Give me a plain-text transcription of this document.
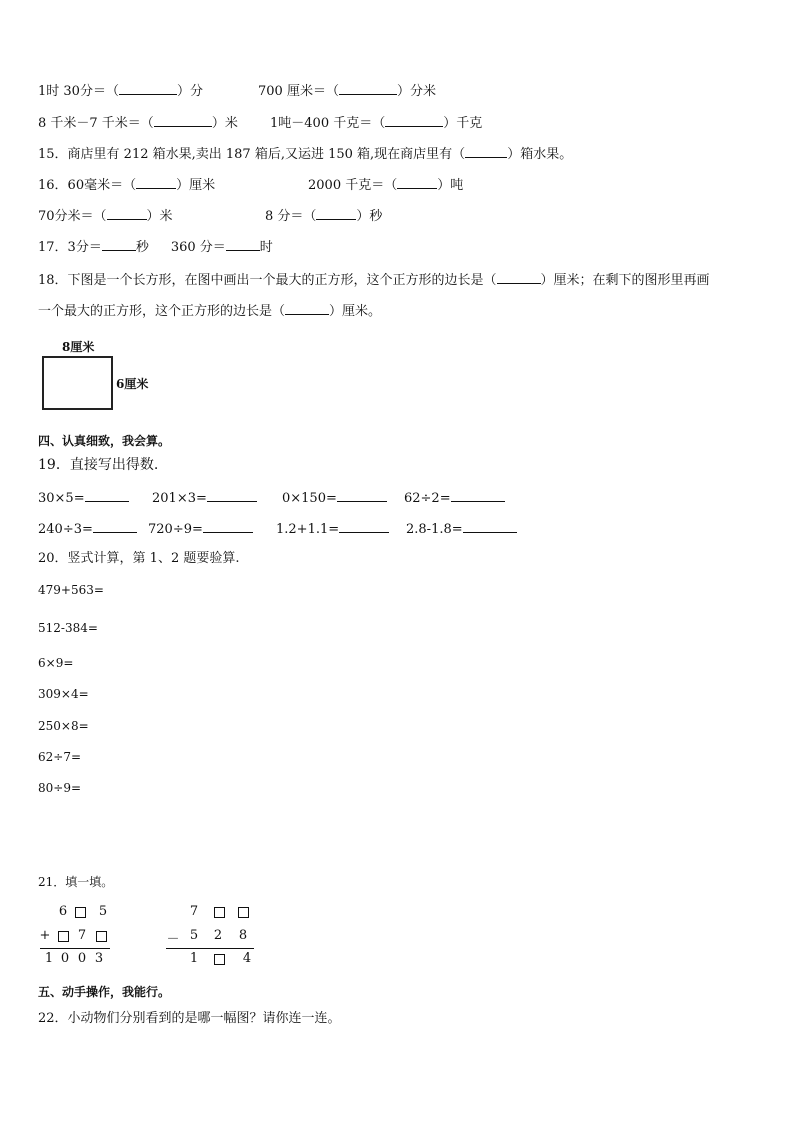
1时 30分＝（	）分	700 厘米＝（	）分米
8 千米－7 千米＝（	）米 1吨－400 千克＝（	）千克
15．商店里有 212 箱水果,卖出 187 箱后,又运进 150 箱,现在商店里有（	）箱水果。
16．60毫米＝（	）厘米	2000 千克＝（	）吨
70分米＝（	）米	8 分＝（	）秒
17．3分＝	秒 360 分＝	时
18．下图是一个长方形，在图中画出一个最大的正方形，这个正方形的边长是（	）厘米；在剩下的图形里再画
一个最大的正方形，这个正方形的边长是（	）厘米。
8厘米
6厘米
四、认真细致，我会算。
19．直接写出得数.
30×5=	201×3=	0×150=	62÷2=
240÷3=	720÷9=	1.2+1.1=	2.8-1.8=
20．竖式计算，第 1、2 题要验算.
479+563=
512-384=
6×9=
309×4=
250×8=
62÷7=
80÷9=
21．填一填。
6 5
+ 7
1 0 0 3
7
－ 5 2 8
1	4
五、动手操作，我能行。
22．小动物们分别看到的是哪一幅图？请你连一连。
